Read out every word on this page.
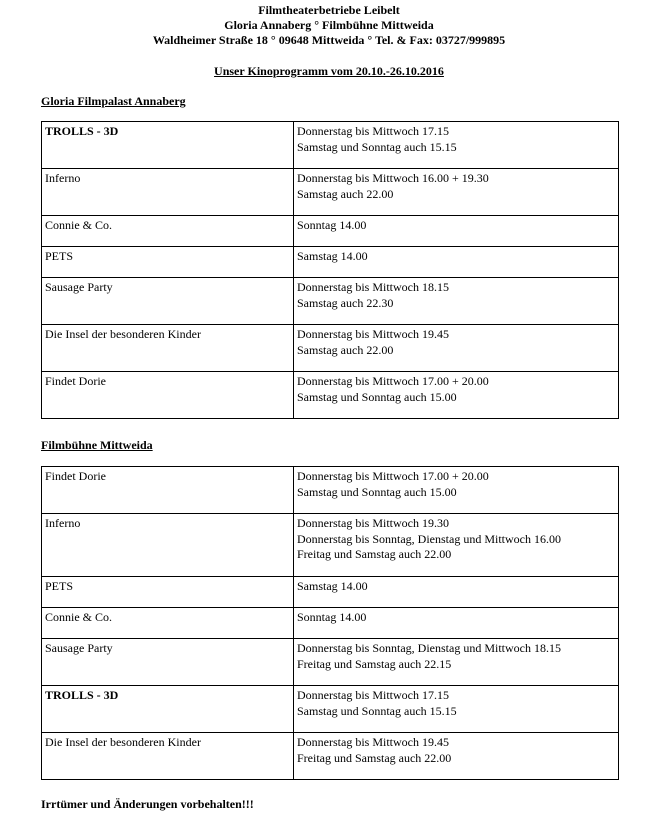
Filmtheaterbetriebe Leibelt
Gloria Annaberg ° Filmbühne Mittweida
Waldheimer Straße 18 ° 09648 Mittweida ° Tel. & Fax: 03727/999895
Unser Kinoprogramm vom 20.10.-26.10.2016
Gloria Filmpalast Annaberg
TROLLS - 3D	Donnerstag bis Mittwoch 17.15
Samstag und Sonntag auch 15.15

Inferno	Donnerstag bis Mittwoch 16.00 + 19.30
Samstag auch 22.00

Connie & Co.	Sonntag 14.00

PETS	Samstag 14.00

Sausage Party	Donnerstag bis Mittwoch 18.15
Samstag auch 22.30

Die Insel der besonderen Kinder	Donnerstag bis Mittwoch 19.45
Samstag auch 22.00

Findet Dorie	Donnerstag bis Mittwoch 17.00 + 20.00
Samstag und Sonntag auch 15.00
Filmbühne Mittweida
Findet Dorie	Donnerstag bis Mittwoch 17.00 + 20.00
Samstag und Sonntag auch 15.00

Inferno	Donnerstag bis Mittwoch 19.30
Donnerstag bis Sonntag, Dienstag und Mittwoch 16.00
Freitag und Samstag auch 22.00

PETS	Samstag 14.00

Connie & Co.	Sonntag 14.00

Sausage Party	Donnerstag bis Sonntag, Dienstag und Mittwoch 18.15
Freitag und Samstag auch 22.15

TROLLS - 3D	Donnerstag bis Mittwoch 17.15
Samstag und Sonntag auch 15.15

Die Insel der besonderen Kinder	Donnerstag bis Mittwoch 19.45
Freitag und Samstag auch 22.00
Irrtümer und Änderungen vorbehalten!!!
